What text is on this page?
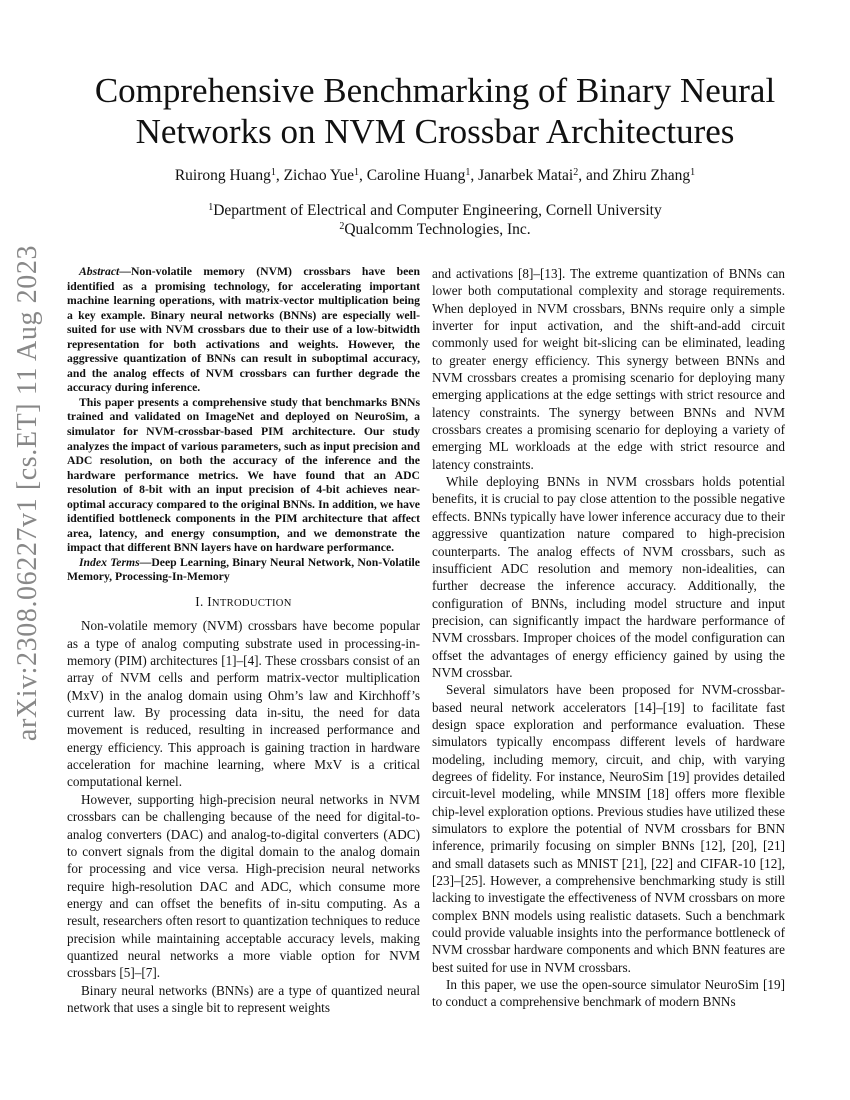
arXiv:2308.06227v1 [cs.ET] 11 Aug 2023
Comprehensive Benchmarking of Binary Neural
Networks on NVM Crossbar Architectures
Ruirong Huang$^1$, Zichao Yue$^1$, Caroline Huang$^1$, Janarbek Matai$^2$, and Zhiru Zhang$^1$
$^1$Department of Electrical and Computer Engineering, Cornell University
$^2$Qualcomm Technologies, Inc.

Abstract—Non-volatile memory (NVM) crossbars have been identified as a promising technology, for accelerating important machine learning operations, with matrix-vector multiplication being a key example. Binary neural networks (BNNs) are especially well-suited for use with NVM crossbars due to their use of a low-bitwidth representation for both activations and weights. However, the aggressive quantization of BNNs can result in suboptimal accuracy, and the analog effects of NVM crossbars can further degrade the accuracy during inference.

This paper presents a comprehensive study that benchmarks BNNs trained and validated on ImageNet and deployed on NeuroSim, a simulator for NVM-crossbar-based PIM architecture. Our study analyzes the impact of various parameters, such as input precision and ADC resolution, on both the accuracy of the inference and the hardware performance metrics. We have found that an ADC resolution of 8-bit with an input precision of 4-bit achieves near-optimal accuracy compared to the original BNNs. In addition, we have identified bottleneck components in the PIM architecture that affect area, latency, and energy consumption, and we demonstrate the impact that different BNN layers have on hardware performance.

Index Terms—Deep Learning, Binary Neural Network, Non-Volatile Memory, Processing-In-Memory

I. INTRODUCTION

Non-volatile memory (NVM) crossbars have become popular as a type of analog computing substrate used in processing-in-memory (PIM) architectures [1]–[4]. These crossbars consist of an array of NVM cells and perform matrix-vector multiplication (MxV) in the analog domain using Ohm’s law and Kirchhoff’s current law. By processing data in-situ, the need for data movement is reduced, resulting in increased performance and energy efficiency. This approach is gaining traction in hardware acceleration for machine learning, where MxV is a critical computational kernel.

However, supporting high-precision neural networks in NVM crossbars can be challenging because of the need for digital-to-analog converters (DAC) and analog-to-digital converters (ADC) to convert signals from the digital domain to the analog domain for processing and vice versa. High-precision neural networks require high-resolution DAC and ADC, which consume more energy and can offset the benefits of in-situ computing. As a result, researchers often resort to quantization techniques to reduce precision while maintaining acceptable accuracy levels, making quantized neural networks a more viable option for NVM crossbars [5]–[7].

Binary neural networks (BNNs) are a type of quantized neural network that uses a single bit to represent weights

and activations [8]–[13]. The extreme quantization of BNNs can lower both computational complexity and storage requirements. When deployed in NVM crossbars, BNNs require only a simple inverter for input activation, and the shift-and-add circuit commonly used for weight bit-slicing can be eliminated, leading to greater energy efficiency. This synergy between BNNs and NVM crossbars creates a promising scenario for deploying many emerging applications at the edge settings with strict resource and latency constraints. The synergy between BNNs and NVM crossbars creates a promising scenario for deploying a variety of emerging ML workloads at the edge with strict resource and latency constraints.

While deploying BNNs in NVM crossbars holds potential benefits, it is crucial to pay close attention to the possible negative effects. BNNs typically have lower inference accuracy due to their aggressive quantization nature compared to high-precision counterparts. The analog effects of NVM crossbars, such as insufficient ADC resolution and memory non-idealities, can further decrease the inference accuracy. Additionally, the configuration of BNNs, including model structure and input precision, can significantly impact the hardware performance of NVM crossbars. Improper choices of the model configuration can offset the advantages of energy efficiency gained by using the NVM crossbar.

Several simulators have been proposed for NVM-crossbar-based neural network accelerators [14]–[19] to facilitate fast design space exploration and performance evaluation. These simulators typically encompass different levels of hardware modeling, including memory, circuit, and chip, with varying degrees of fidelity. For instance, NeuroSim [19] provides detailed circuit-level modeling, while MNSIM [18] offers more flexible chip-level exploration options. Previous studies have utilized these simulators to explore the potential of NVM crossbars for BNN inference, primarily focusing on simpler BNNs [12], [20], [21] and small datasets such as MNIST [21], [22] and CIFAR-10 [12], [23]–[25]. However, a comprehensive benchmarking study is still lacking to investigate the effectiveness of NVM crossbars on more complex BNN models using realistic datasets. Such a benchmark could provide valuable insights into the performance bottleneck of NVM crossbar hardware components and which BNN features are best suited for use in NVM crossbars.

In this paper, we use the open-source simulator NeuroSim [19] to conduct a comprehensive benchmark of modern BNNs
